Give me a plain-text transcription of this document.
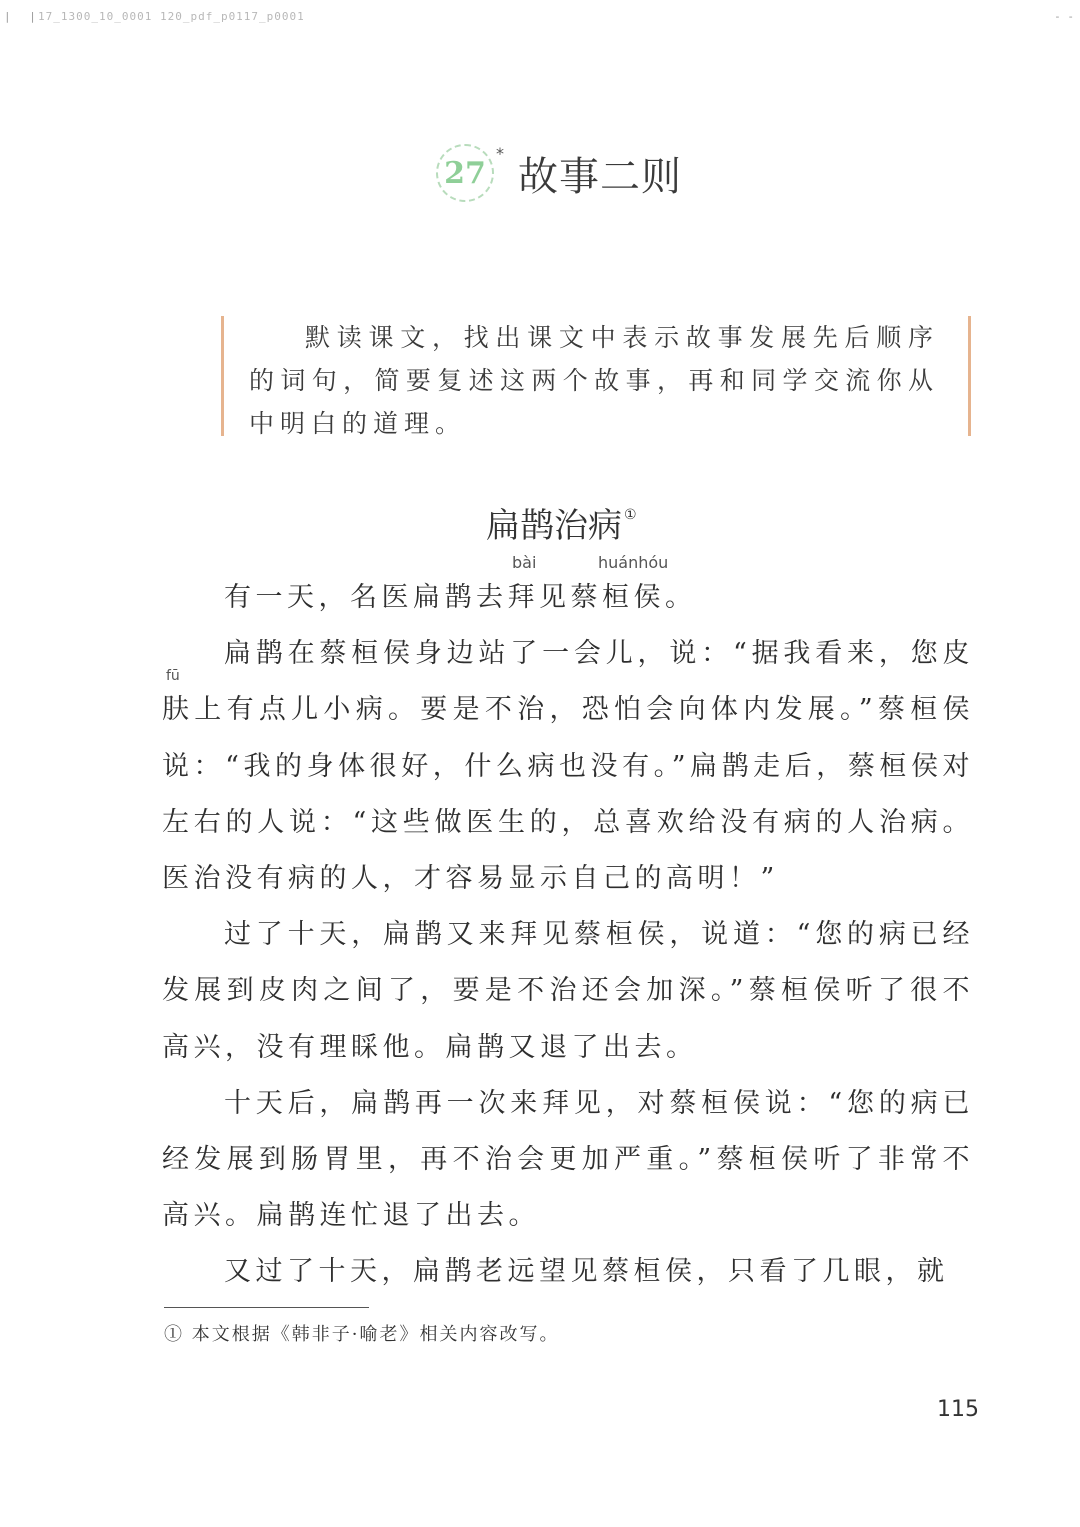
| |
17_1300_10_0001 120_pdf_p0117_p0001	- -
27
*
故事二则
默读课文，找出课文中表示故事发展先后顺序的词句，简要复述这两个故事，再和同学交流你从中明白的道理。
扁鹊治病 ①
bài	huánhóu
fū

有一天，名医扁鹊去拜见蔡桓侯。

扁鹊在蔡桓侯身边站了一会儿，说：“据我看来，您皮肤上有点儿小病。要是不治，恐怕会向体内发展。”蔡桓侯说：“我的身体很好，什么病也没有。”扁鹊走后，蔡桓侯对左右的人说：“这些做医生的，总喜欢给没有病的人治病。医治没有病的人，才容易显示自己的高明！”

过了十天，扁鹊又来拜见蔡桓侯，说道：“您的病已经发展到皮肉之间了，要是不治还会加深。”蔡桓侯听了很不高兴，没有理睬他。扁鹊又退了出去。

十天后，扁鹊再一次来拜见，对蔡桓侯说：“您的病已经发展到肠胃里，再不治会更加严重。”蔡桓侯听了非常不高兴。扁鹊连忙退了出去。

又过了十天，扁鹊老远望见蔡桓侯，只看了几眼，就

① 本文根据《韩非子·喻老》相关内容改写。
115
